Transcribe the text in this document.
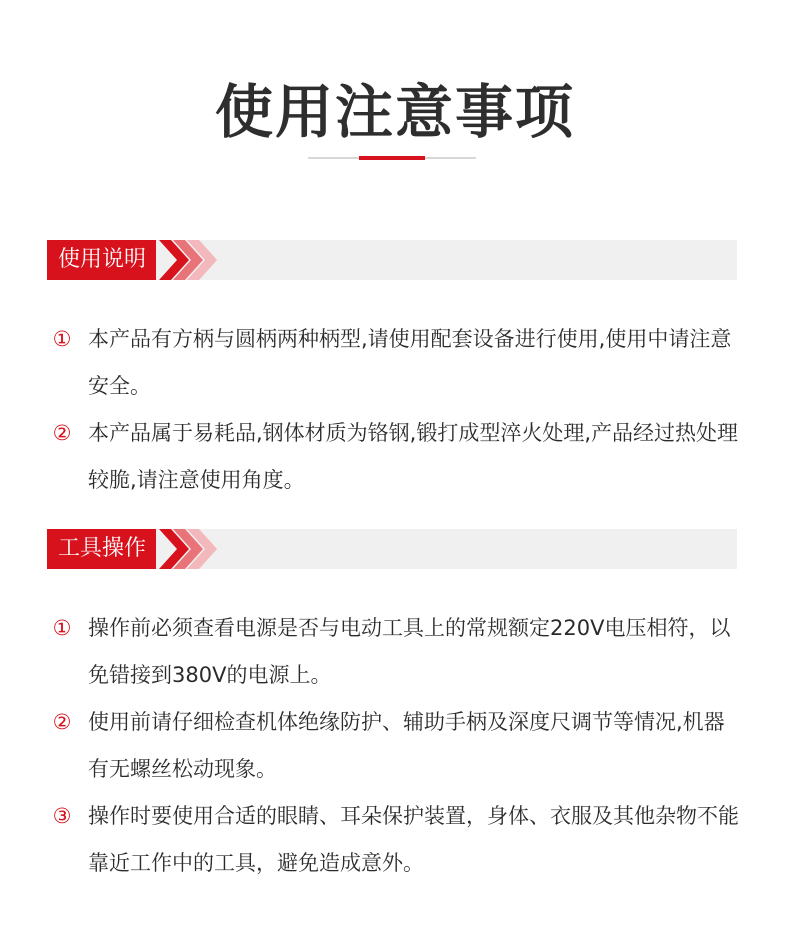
使用注意事项
使用说明
① 本产品有方柄与圆柄两种柄型,请使用配套设备进行使用,使用中请注意安全。
② 本产品属于易耗品,钢体材质为铬钢,锻打成型淬火处理,产品经过热处理较脆,请注意使用角度。
工具操作
① 操作前必须查看电源是否与电动工具上的常规额定220V电压相符，以免错接到380V的电源上。
② 使用前请仔细检查机体绝缘防护、辅助手柄及深度尺调节等情况,机器有无螺丝松动现象。
③ 操作时要使用合适的眼睛、耳朵保护装置，身体、衣服及其他杂物不能靠近工作中的工具，避免造成意外。
